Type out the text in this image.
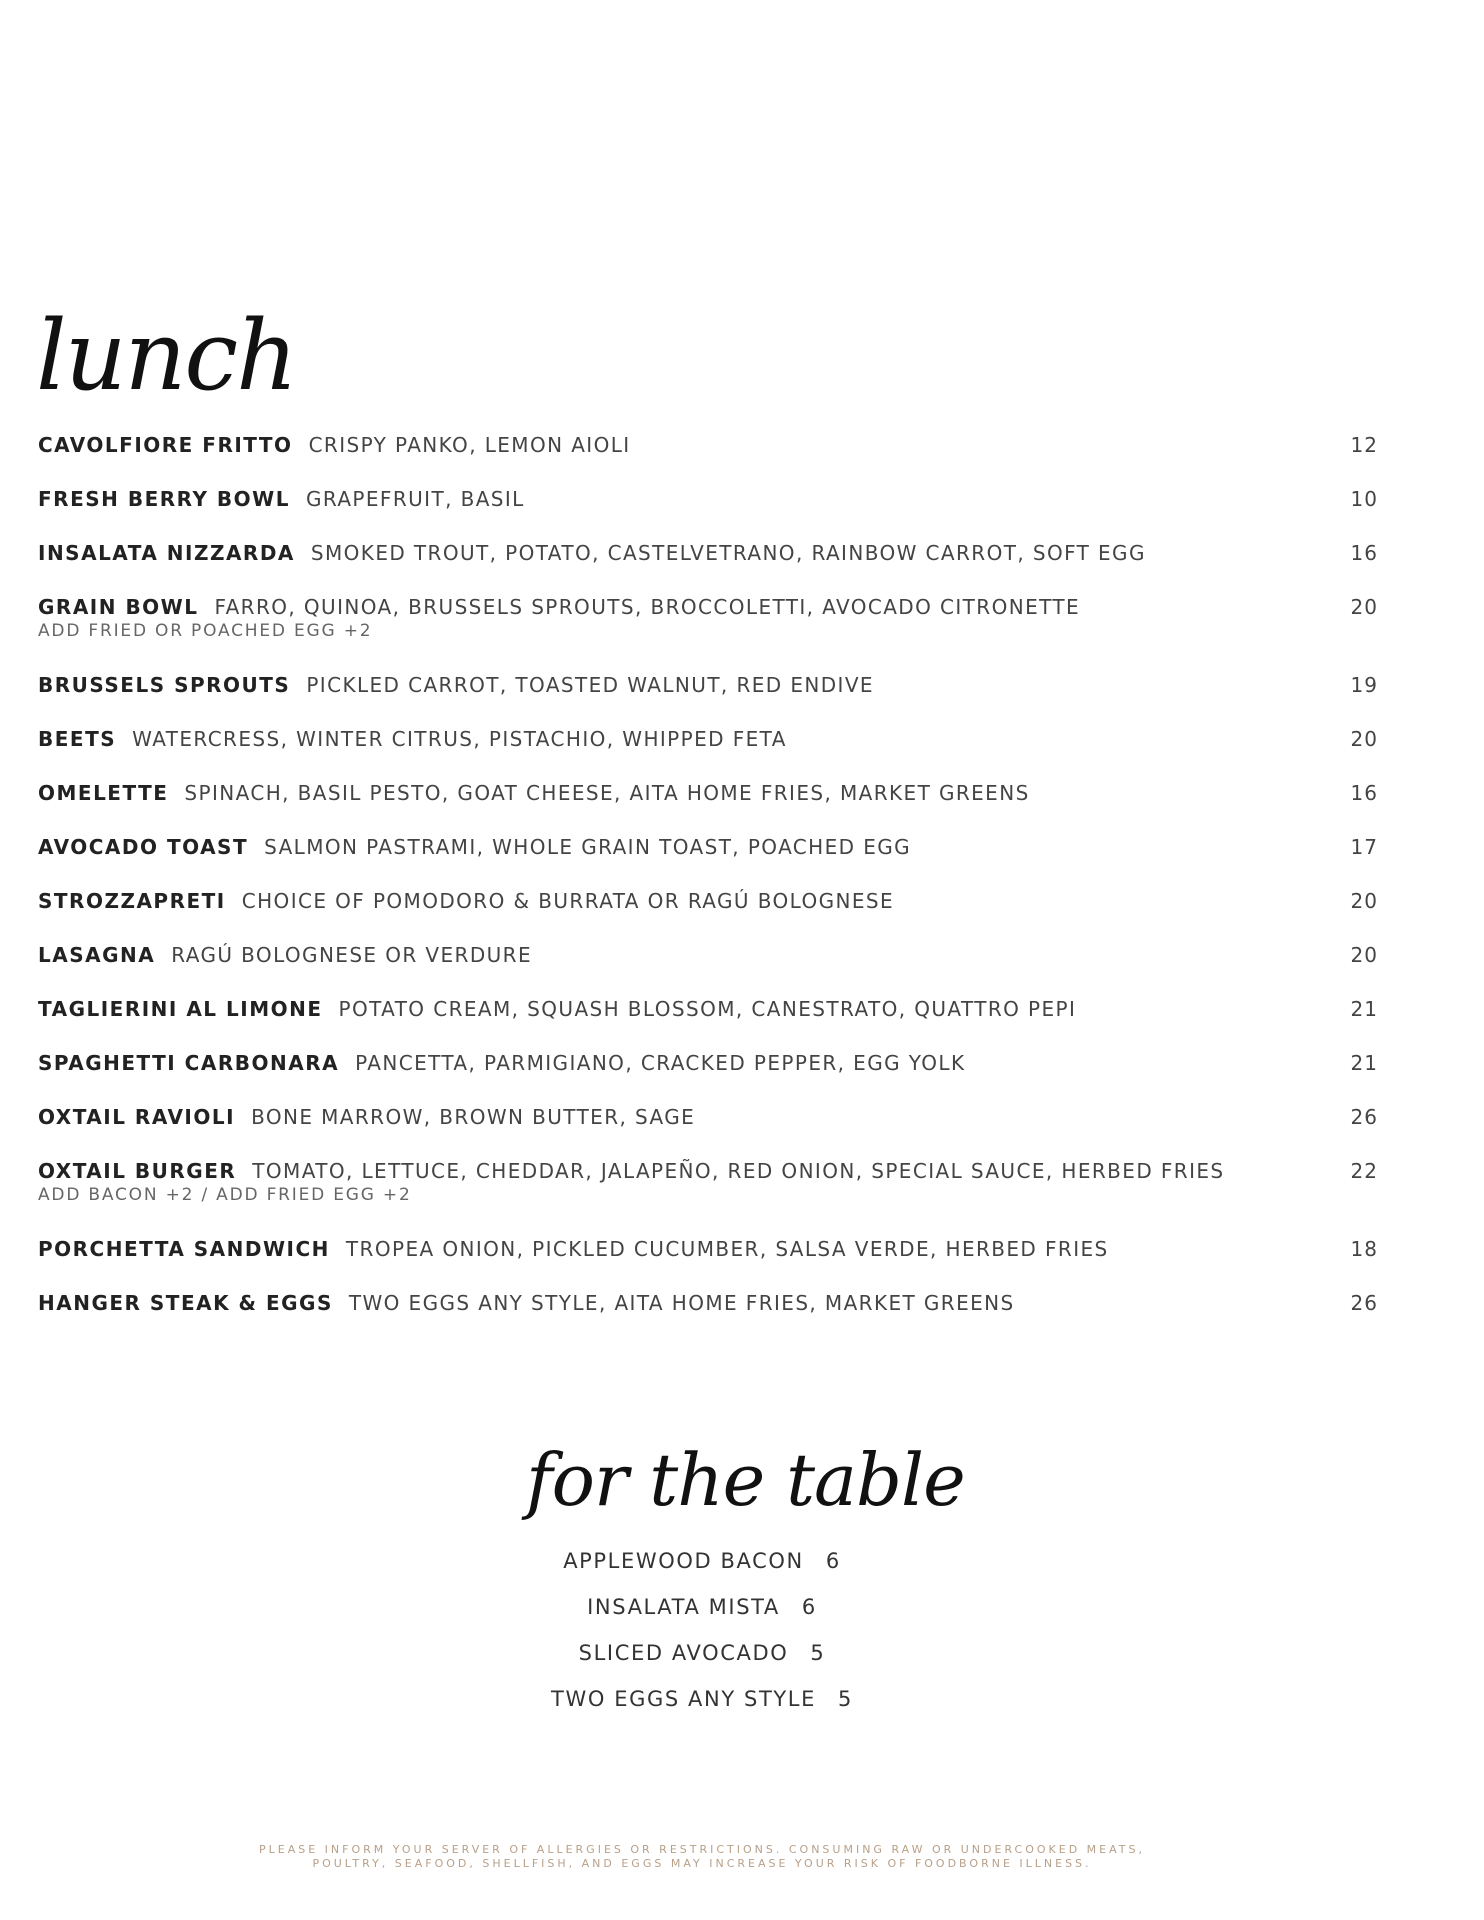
lunch
CAVOLFIORE FRITTO CRISPY PANKO, LEMON AIOLI	12
FRESH BERRY BOWL GRAPEFRUIT, BASIL	10
INSALATA NIZZARDA SMOKED TROUT, POTATO, CASTELVETRANO, RAINBOW CARROT, SOFT EGG	16
GRAIN BOWL FARRO, QUINOA, BRUSSELS SPROUTS, BROCCOLETTI, AVOCADO CITRONETTE	20
ADD FRIED OR POACHED EGG +2
BRUSSELS SPROUTS PICKLED CARROT, TOASTED WALNUT, RED ENDIVE	19
BEETS WATERCRESS, WINTER CITRUS, PISTACHIO, WHIPPED FETA	20
OMELETTE SPINACH, BASIL PESTO, GOAT CHEESE, AITA HOME FRIES, MARKET GREENS	16
AVOCADO TOAST SALMON PASTRAMI, WHOLE GRAIN TOAST, POACHED EGG	17
STROZZAPRETI CHOICE OF POMODORO & BURRATA OR RAGÚ BOLOGNESE	20
LASAGNA RAGÚ BOLOGNESE OR VERDURE	20
TAGLIERINI AL LIMONE POTATO CREAM, SQUASH BLOSSOM, CANESTRATO, QUATTRO PEPI	21
SPAGHETTI CARBONARA PANCETTA, PARMIGIANO, CRACKED PEPPER, EGG YOLK	21
OXTAIL RAVIOLI BONE MARROW, BROWN BUTTER, SAGE	26
OXTAIL BURGER TOMATO, LETTUCE, CHEDDAR, JALAPEÑO, RED ONION, SPECIAL SAUCE, HERBED FRIES	22
ADD BACON +2 / ADD FRIED EGG +2
PORCHETTA SANDWICH TROPEA ONION, PICKLED CUCUMBER, SALSA VERDE, HERBED FRIES	18
HANGER STEAK & EGGS TWO EGGS ANY STYLE, AITA HOME FRIES, MARKET GREENS	26
for the table
APPLEWOOD BACON 6
INSALATA MISTA 6
SLICED AVOCADO 5
TWO EGGS ANY STYLE 5
PLEASE INFORM YOUR SERVER OF ALLERGIES OR RESTRICTIONS. CONSUMING RAW OR UNDERCOOKED MEATS,
POULTRY, SEAFOOD, SHELLFISH, AND EGGS MAY INCREASE YOUR RISK OF FOODBORNE ILLNESS.
